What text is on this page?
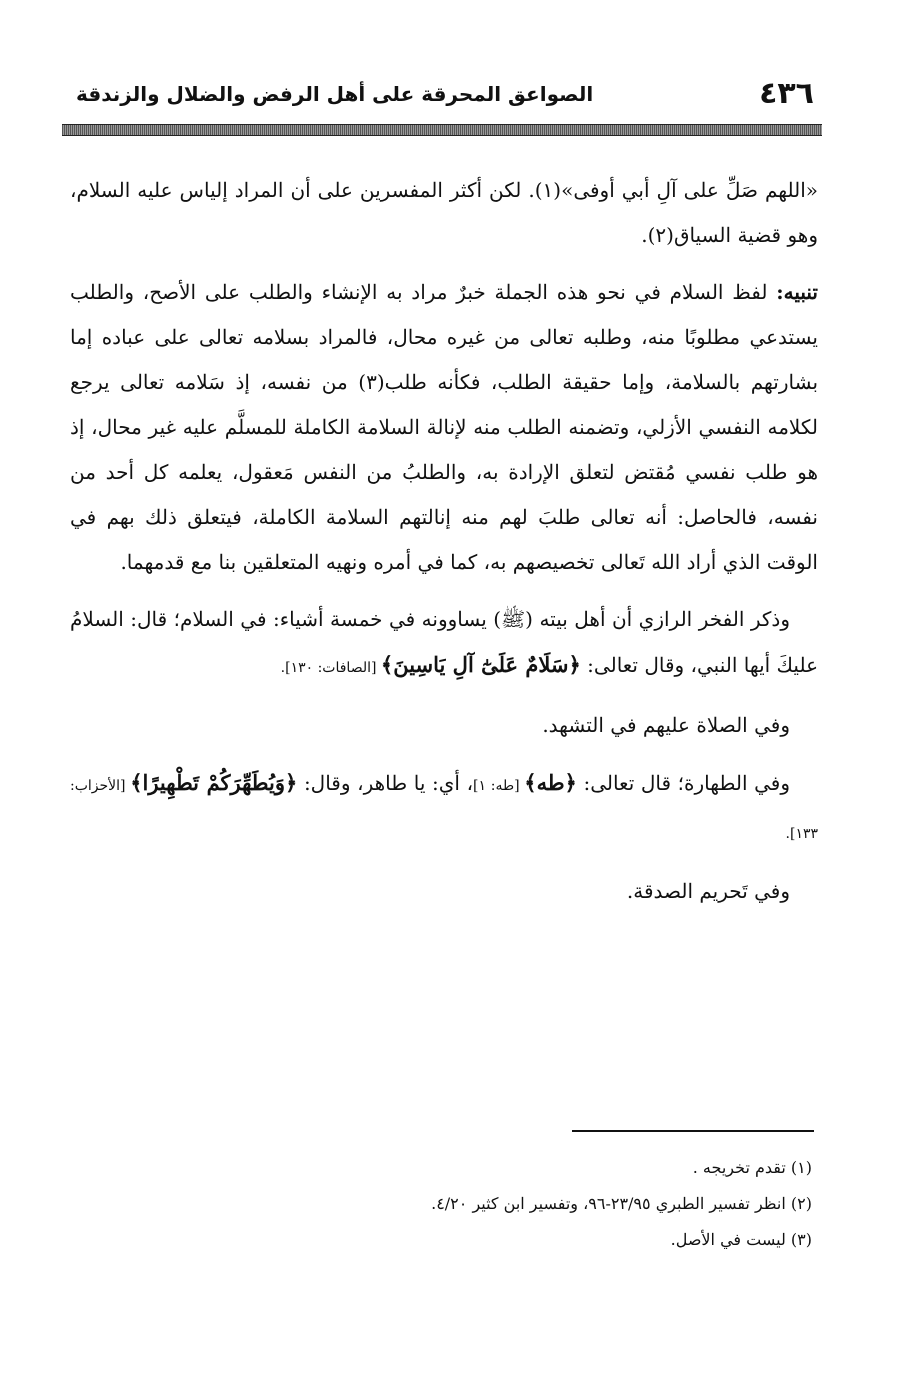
٤٣٦
الصواعق المحرقة على أهل الرفض والضلال والزندقة

«اللهم صَلِّ على آلِ أبي أوفى»(١). لكن أكثر المفسرين على أن المراد إلياس عليه السلام، وهو قضية السياق(٢).

تنبيه: لفظ السلام في نحو هذه الجملة خبرٌ مراد به الإنشاء والطلب على الأصح، والطلب يستدعي مطلوبًا منه، وطلبه تعالى من غيره محال، فالمراد بسلامه تعالى على عباده إما بشارتهم بالسلامة، وإما حقيقة الطلب، فكأنه طلب(٣) من نفسه، إذ سَلامه تعالى يرجع لكلامه النفسي الأزلي، وتضمنه الطلب منه لإنالة السلامة الكاملة للمسلَّم عليه غير محال، إذ هو طلب نفسي مُقتض لتعلق الإرادة به، والطلبُ من النفس مَعقول، يعلمه كل أحد من نفسه، فالحاصل: أنه تعالى طلبَ لهم منه إنالتهم السلامة الكاملة، فيتعلق ذلك بهم في الوقت الذي أراد الله تَعالى تخصيصهم به، كما في أمره ونهيه المتعلقين بنا مع قدمهما.

وذكر الفخر الرازي أن أهل بيته (ﷺ) يساوونه في خمسة أشياء: في السلام؛ قال: السلامُ عليكَ أيها النبي، وقال تعالى: ﴿سَلَامٌ عَلَىٰٓ آلِ يَاسِينَ﴾ [الصافات: ١٣٠].

وفي الصلاة عليهم في التشهد.

وفي الطهارة؛ قال تعالى: ﴿طه﴾ [طه: ١]، أي: يا طاهر، وقال: ﴿وَيُطَهِّرَكُمْ تَطْهِيرًا﴾ [الأحزاب: ١٣٣].

وفي تَحريم الصدقة.

(١) تقدم تخريجه .

(٢) انظر تفسير الطبري ٢٣/٩٥-٩٦، وتفسير ابن كثير ٤/٢٠.

(٣) ليست في الأصل.
